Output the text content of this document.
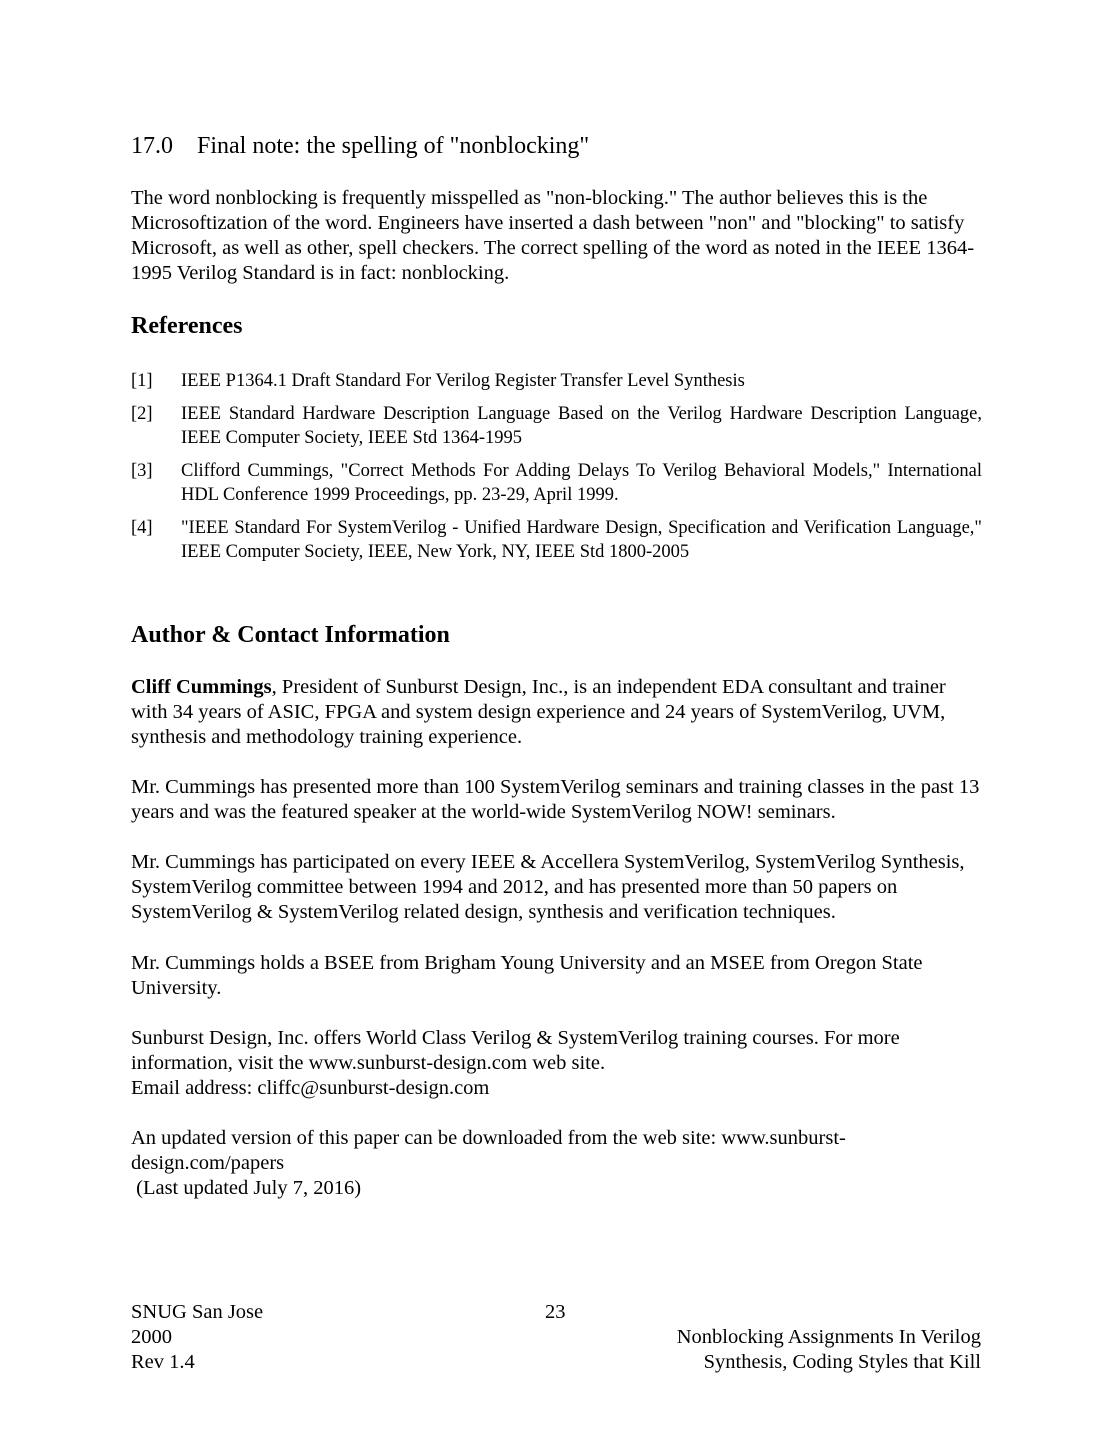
17.0 Final note: the spelling of "nonblocking"
The word nonblocking is frequently misspelled as "non-blocking." The author believes this is the Microsoftization of the word. Engineers have inserted a dash between "non" and "blocking" to satisfy Microsoft, as well as other, spell checkers. The correct spelling of the word as noted in the IEEE 1364-1995 Verilog Standard is in fact: nonblocking.
References
[1] IEEE P1364.1 Draft Standard For Verilog Register Transfer Level Synthesis
[2] IEEE Standard Hardware Description Language Based on the Verilog Hardware Description Language, IEEE Computer Society, IEEE Std 1364-1995
[3] Clifford Cummings, "Correct Methods For Adding Delays To Verilog Behavioral Models," International HDL Conference 1999 Proceedings, pp. 23-29, April 1999.
[4] "IEEE Standard For SystemVerilog - Unified Hardware Design, Specification and Verification Language," IEEE Computer Society, IEEE, New York, NY, IEEE Std 1800-2005
Author & Contact Information
Cliff Cummings, President of Sunburst Design, Inc., is an independent EDA consultant and trainer with 34 years of ASIC, FPGA and system design experience and 24 years of SystemVerilog, UVM, synthesis and methodology training experience.
Mr. Cummings has presented more than 100 SystemVerilog seminars and training classes in the past 13 years and was the featured speaker at the world-wide SystemVerilog NOW! seminars.
Mr. Cummings has participated on every IEEE & Accellera SystemVerilog, SystemVerilog Synthesis, SystemVerilog committee between 1994 and 2012, and has presented more than 50 papers on SystemVerilog & SystemVerilog related design, synthesis and verification techniques.
Mr. Cummings holds a BSEE from Brigham Young University and an MSEE from Oregon State University.
Sunburst Design, Inc. offers World Class Verilog & SystemVerilog training courses. For more information, visit the www.sunburst-design.com web site.
Email address: cliffc@sunburst-design.com
An updated version of this paper can be downloaded from the web site: www.sunburst-design.com/papers
(Last updated July 7, 2016)
SNUG San Jose
2000
Rev 1.4
23
Nonblocking Assignments In Verilog
Synthesis, Coding Styles that Kill
